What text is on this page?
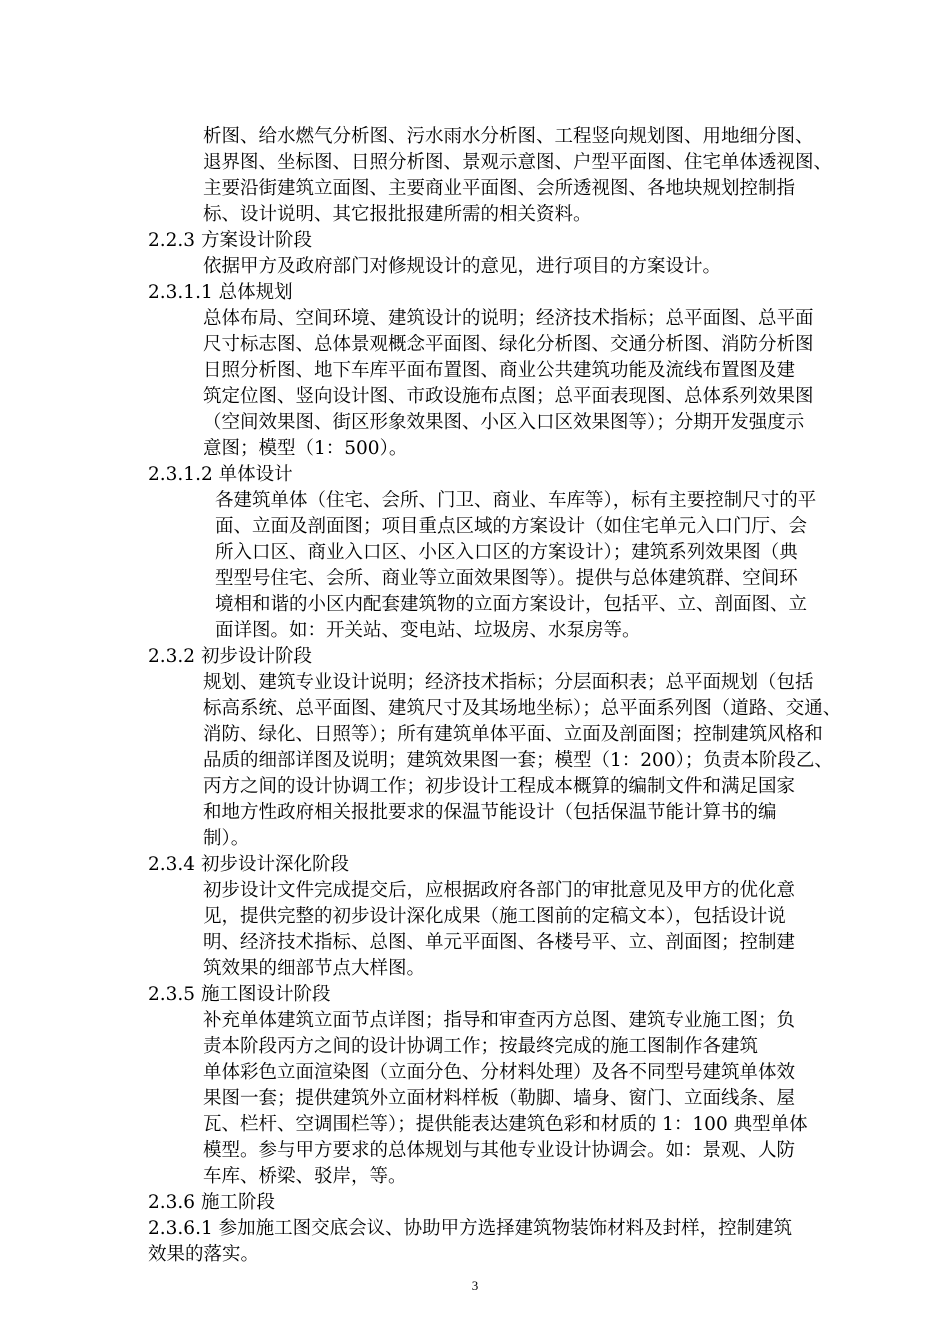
析图、给水燃气分析图、污水雨水分析图、工程竖向规划图、用地细分图、
退界图、坐标图、日照分析图、景观示意图、户型平面图、住宅单体透视图、
主要沿街建筑立面图、主要商业平面图、会所透视图、各地块规划控制指
标、设计说明、其它报批报建所需的相关资料。
2.2.3 方案设计阶段
依据甲方及政府部门对修规设计的意见，进行项目的方案设计。
2.3.1.1 总体规划
总体布局、空间环境、建筑设计的说明；经济技术指标；总平面图、总平面
尺寸标志图、总体景观概念平面图、绿化分析图、交通分析图、消防分析图
日照分析图、地下车库平面布置图、商业公共建筑功能及流线布置图及建
筑定位图、竖向设计图、市政设施布点图；总平面表现图、总体系列效果图
（空间效果图、街区形象效果图、小区入口区效果图等）；分期开发强度示
意图；模型（1：500）。
2.3.1.2 单体设计
各建筑单体（住宅、会所、门卫、商业、车库等），标有主要控制尺寸的平
面、立面及剖面图；项目重点区域的方案设计（如住宅单元入口门厅、会
所入口区、商业入口区、小区入口区的方案设计）；建筑系列效果图（典
型型号住宅、会所、商业等立面效果图等）。提供与总体建筑群、空间环
境相和谐的小区内配套建筑物的立面方案设计，包括平、立、剖面图、立
面详图。如：开关站、变电站、垃圾房、水泵房等。
2.3.2 初步设计阶段
规划、建筑专业设计说明；经济技术指标；分层面积表；总平面规划（包括
标高系统、总平面图、建筑尺寸及其场地坐标）；总平面系列图（道路、交通、
消防、绿化、日照等）；所有建筑单体平面、立面及剖面图；控制建筑风格和
品质的细部详图及说明；建筑效果图一套；模型（1：200）；负责本阶段乙、
丙方之间的设计协调工作；初步设计工程成本概算的编制文件和满足国家
和地方性政府相关报批要求的保温节能设计（包括保温节能计算书的编
制）。
2.3.4 初步设计深化阶段
初步设计文件完成提交后，应根据政府各部门的审批意见及甲方的优化意
见，提供完整的初步设计深化成果（施工图前的定稿文本），包括设计说
明、经济技术指标、总图、单元平面图、各楼号平、立、剖面图；控制建
筑效果的细部节点大样图。
2.3.5 施工图设计阶段
补充单体建筑立面节点详图；指导和审查丙方总图、建筑专业施工图；负
责本阶段丙方之间的设计协调工作；按最终完成的施工图制作各建筑
单体彩色立面渲染图（立面分色、分材料处理）及各不同型号建筑单体效
果图一套；提供建筑外立面材料样板（勒脚、墙身、窗门、立面线条、屋
瓦、栏杆、空调围栏等）；提供能表达建筑色彩和材质的 1：100 典型单体
模型。参与甲方要求的总体规划与其他专业设计协调会。如：景观、人防
车库、桥梁、驳岸，等。
2.3.6 施工阶段
2.3.6.1 参加施工图交底会议、协助甲方选择建筑物装饰材料及封样，控制建筑
效果的落实。
3
